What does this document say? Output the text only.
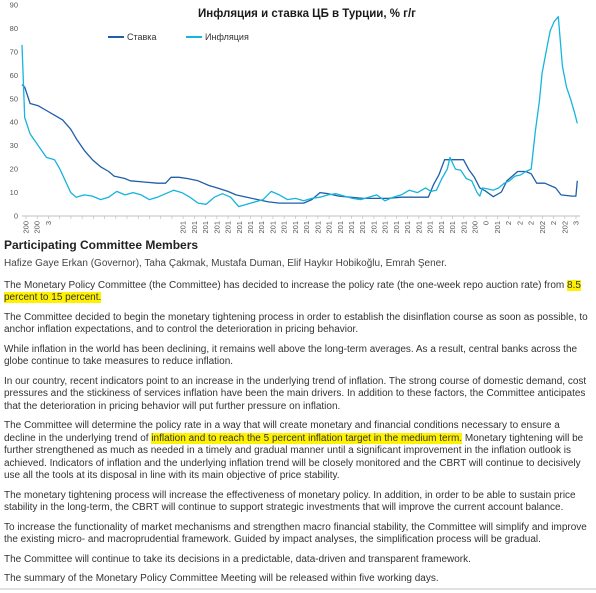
Инфляция и ставка ЦБ в Турции, % г/г
Ставка	Инфляция
0
10
20
30
40
50
60
70
80
90
200 200 3	201 201 201 201 201 201 201 201 201 201 201 201 201 201 201 201 201 201 201 201 201 201 201 201 201 201 200 0 201 2 2 2 202 2 202 3
Participating Committee Members

Hafize Gaye Erkan (Governor), Taha Çakmak, Mustafa Duman, Elif Haykır Hobikoğlu, Emrah Şener.

The Monetary Policy Committee (the Committee) has decided to increase the policy rate (the one-week repo auction rate) from 8.5 percent to 15 percent.

The Committee decided to begin the monetary tightening process in order to establish the disinflation course as soon as possible, to anchor inflation expectations, and to control the deterioration in pricing behavior.

While inflation in the world has been declining, it remains well above the long-term averages. As a result, central banks across the globe continue to take measures to reduce inflation.

In our country, recent indicators point to an increase in the underlying trend of inflation. The strong course of domestic demand, cost pressures and the stickiness of services inflation have been the main drivers. In addition to these factors, the Committee anticipates that the deterioration in pricing behavior will put further pressure on inflation.

The Committee will determine the policy rate in a way that will create monetary and financial conditions necessary to ensure a decline in the underlying trend of inflation and to reach the 5 percent inflation target in the medium term. Monetary tightening will be further strengthened as much as needed in a timely and gradual manner until a significant improvement in the inflation outlook is achieved. Indicators of inflation and the underlying inflation trend will be closely monitored and the CBRT will continue to decisively use all the tools at its disposal in line with its main objective of price stability.

The monetary tightening process will increase the effectiveness of monetary policy. In addition, in order to be able to sustain price stability in the long-term, the CBRT will continue to support strategic investments that will improve the current account balance.

To increase the functionality of market mechanisms and strengthen macro financial stability, the Committee will simplify and improve the existing micro- and macroprudential framework. Guided by impact analyses, the simplification process will be gradual.

The Committee will continue to take its decisions in a predictable, data-driven and transparent framework.

The summary of the Monetary Policy Committee Meeting will be released within five working days.
